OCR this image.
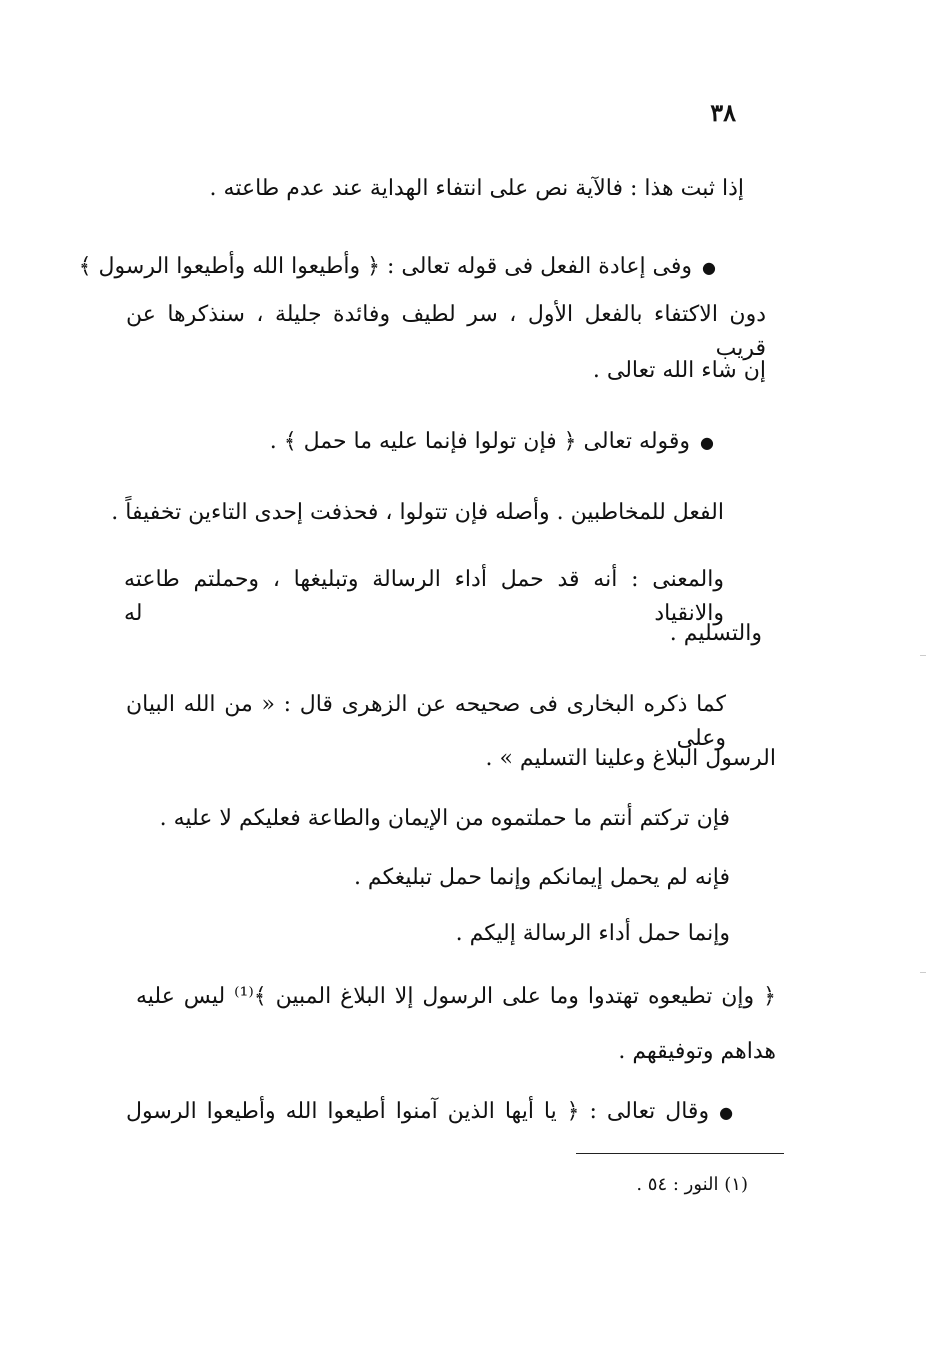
٣٨
إذا ثبت هذا : فالآية نص على انتفاء الهداية عند عدم طاعته .
●وفى إعادة الفعل فى قوله تعالى : ﴿ وأطيعوا الله وأطيعوا الرسول ﴾
دون الاكتفاء بالفعل الأول ، سر لطيف وفائدة جليلة ، سنذكرها عن قريب
إن شاء الله تعالى .
●وقوله تعالى ﴿ فإن تولوا فإنما عليه ما حمل ﴾ .
الفعل للمخاطبين . وأصله فإن تتولوا ، فحذفت إحدى التاءين تخفيفاً .
والمعنى : أنه قد حمل أداء الرسالة وتبليغها ، وحملتم طاعته والانقياد له
والتسليم .
كما ذكره البخارى فى صحيحه عن الزهرى قال : « من الله البيان وعلى
الرسول البلاغ وعلينا التسليم » .
فإن تركتم أنتم ما حملتموه من الإيمان والطاعة فعليكم لا عليه .
فإنه لم يحمل إيمانكم وإنما حمل تبليغكم .
وإنما حمل أداء الرسالة إليكم .
﴿ وإن تطيعوه تهتدوا وما على الرسول إلا البلاغ المبين ﴾⁽¹⁾ ليس عليه
هداهم وتوفيقهم .
●وقال تعالى : ﴿ يا أيها الذين آمنوا أطيعوا الله وأطيعوا الرسول
(١) النور : ٥٤ .
